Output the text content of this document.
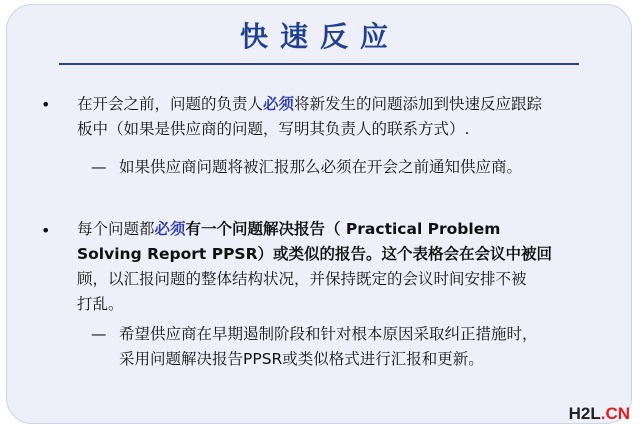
快速反应
• 在开会之前，问题的负责人必须将新发生的问题添加到快速反应跟踪
板中（如果是供应商的问题，写明其负责人的联系方式）.
— 如果供应商问题将被汇报那么必须在开会之前通知供应商。
• 每个问题都必须有一个问题解决报告（ Practical Problem
Solving Report PPSR）或类似的报告。这个表格会在会议中被回
顾，以汇报问题的整体结构状况，并保持既定的会议时间安排不被
打乱。
— 希望供应商在早期遏制阶段和针对根本原因采取纠正措施时，
采用问题解决报告PPSR或类似格式进行汇报和更新。
H2L.CN
